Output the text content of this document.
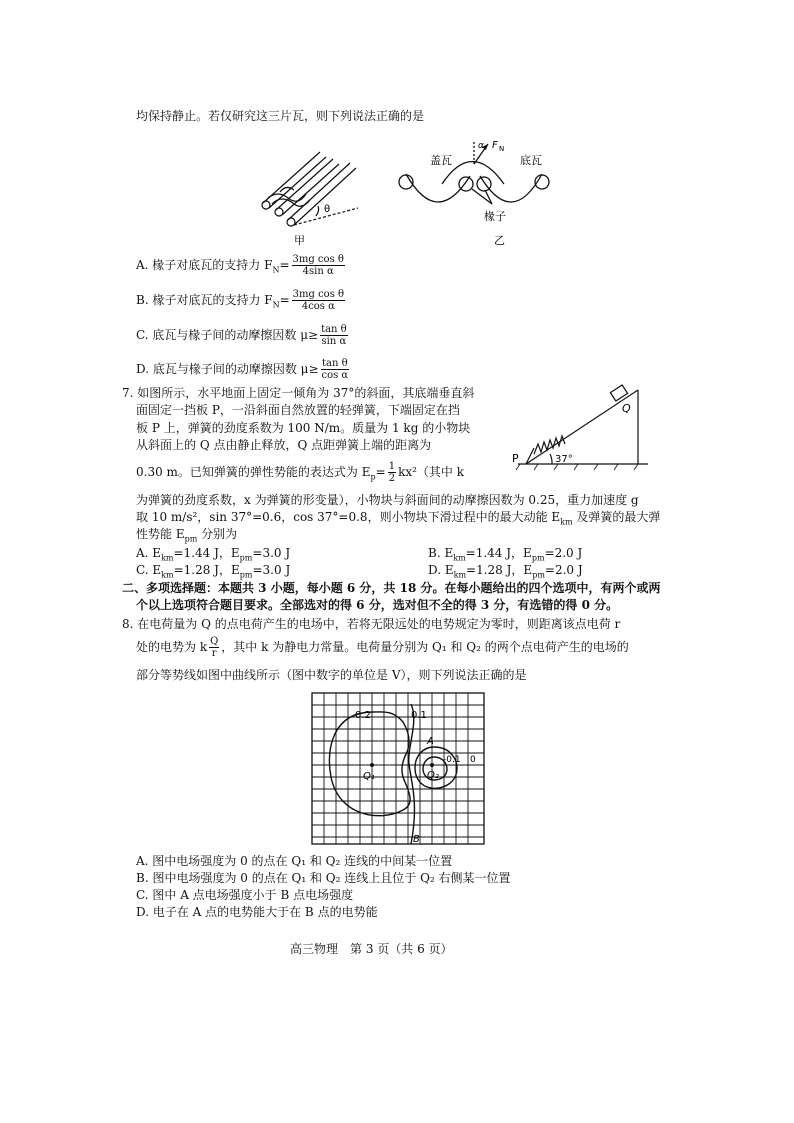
均保持静止。若仅研究这三片瓦，则下列说法正确的是
θ
甲
α F N
盖瓦	底瓦
椽子
乙
A. 椽子对底瓦的支持力 $F_N= \frac{\text{3mg cos θ}}{\text{4sin α}}$
B. 椽子对底瓦的支持力 $F_N= \frac{\text{3mg cos θ}}{\text{4cos α}}$
C. 底瓦与椽子间的动摩擦因数 $\mu\ge \frac{\text{tan θ}}{\text{sin α}}$
D. 底瓦与椽子间的动摩擦因数 $\mu\ge \frac{\text{tan θ}}{\text{cos α}}$
7. 如图所示，水平地面上固定一倾角为 37°的斜面，其底端垂直斜
面固定一挡板 P，一沿斜面自然放置的轻弹簧，下端固定在挡
板 P 上，弹簧的劲度系数为 100 N/m。质量为 1 kg 的小物块
从斜面上的 Q 点由静止释放，Q 点距弹簧上端的距离为
0.30 m。已知弹簧的弹性势能的表达式为 $E_p= \frac{1}{2} kx^2$（其中 k
为弹簧的劲度系数，x 为弹簧的形变量），小物块与斜面间的动摩擦因数为 0.25，重力加速度 g
取 10 m/s²，sin 37°=0.6，cos 37°=0.8，则小物块下滑过程中的最大动能 $E_{km}$ 及弹簧的最大弹
性势能 $E_{pm}$ 分别为
P
Q
37°
A. $E_{km}=1.44$ J，$E_{pm}=3.0$ J	B. $E_{km}=1.44$ J，$E_{pm}=2.0$ J
C. $E_{km}=1.28$ J，$E_{pm}=3.0$ J	D. $E_{km}=1.28$ J，$E_{pm}=2.0$ J
二、多项选择题：本题共 3 小题，每小题 6 分，共 18 分。在每小题给出的四个选项中，有两个或两
个以上选项符合题目要求。全部选对的得 6 分，选对但不全的得 3 分，有选错的得 0 分。
8. 在电荷量为 Q 的点电荷产生的电场中，若将无限远处的电势规定为零时，则距离该点电荷 r
处的电势为 k $\frac{Q}{r}$ ，其中 k 为静电力常量。电荷量分别为 Q₁ 和 Q₂ 的两个点电荷产生的电场的
部分等势线如图中曲线所示（图中数字的单位是 V），则下列说法正确的是
0.2	0.1
-0.1 0
A
B
Q₁	Q₂
A. 图中电场强度为 0 的点在 Q₁ 和 Q₂ 连线的中间某一位置
B. 图中电场强度为 0 的点在 Q₁ 和 Q₂ 连线上且位于 Q₂ 右侧某一位置
C. 图中 A 点电场强度小于 B 点电场强度
D. 电子在 A 点的电势能大于在 B 点的电势能
高三物理　第 3 页（共 6 页）
